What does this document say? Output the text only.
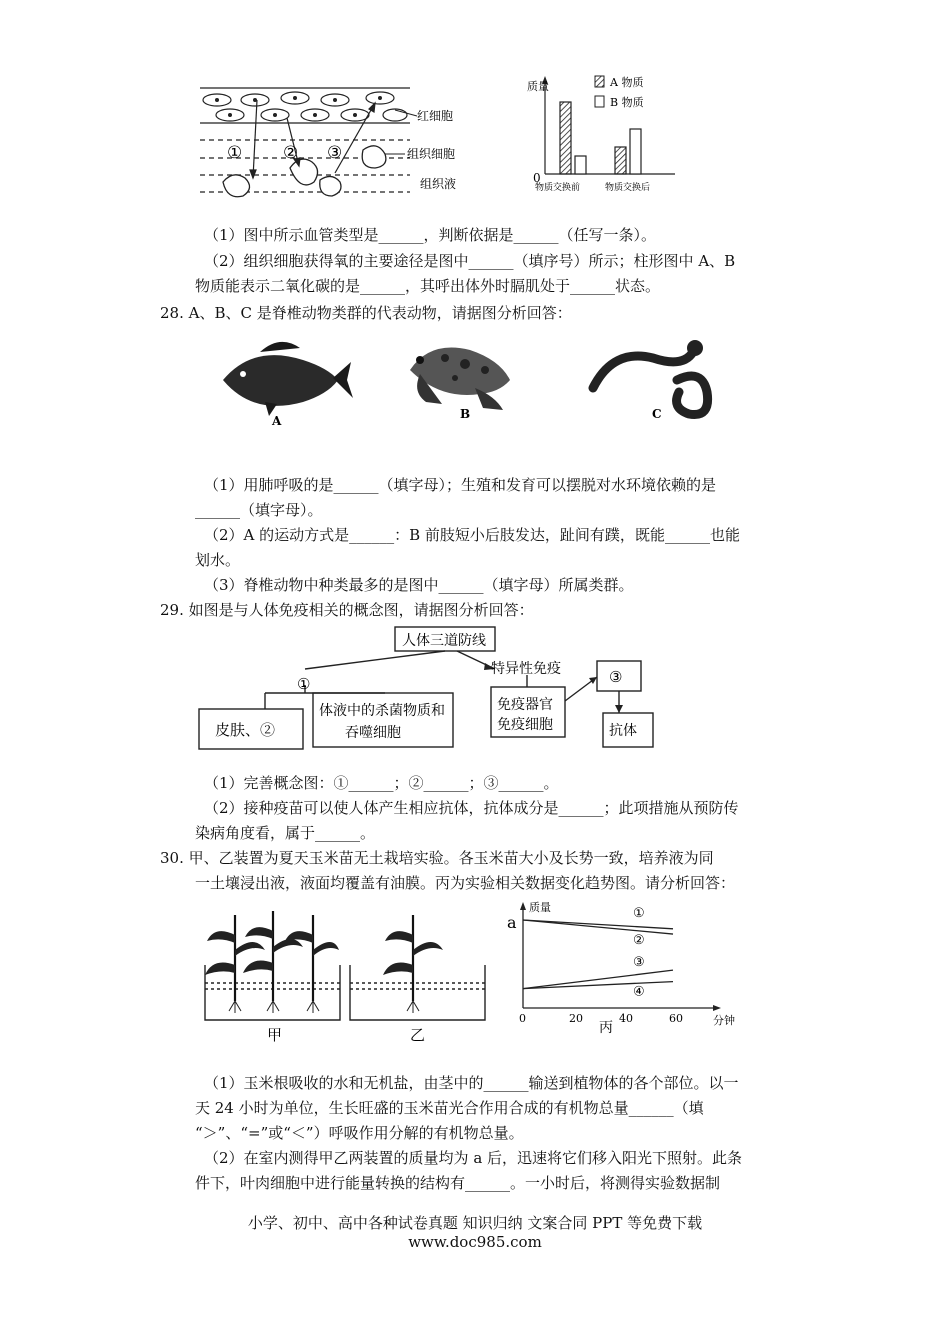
① ② ③
红细胞
组织细胞
组织液
质量
0
A 物质
B 物质
物质交换前	物质交换后
（1）图中所示血管类型是______，判断依据是______（任写一条）。
（2）组织细胞获得氧的主要途径是图中______（填序号）所示；柱形图中 A、B
物质能表示二氧化碳的是______，其呼出体外时膈肌处于______状态。
28. A、B、C 是脊椎动物类群的代表动物，请据图分析回答：
A	B	C
（1）用肺呼吸的是______（填字母）；生殖和发育可以摆脱对水环境依赖的是
______（填字母）。
（2）A 的运动方式是______：B 前肢短小后肢发达，趾间有蹼，既能______也能
划水。
（3）脊椎动物中种类最多的是图中______（填字母）所属类群。
29. 如图是与人体免疫相关的概念图，请据图分析回答：
人体三道防线
特异性免疫
①
皮肤、②
体液中的杀菌物质和
吞噬细胞
免疫器官
免疫细胞
③
抗体
（1）完善概念图：①______；②______；③______。
（2）接种疫苗可以使人体产生相应抗体，抗体成分是______；此项措施从预防传
染病角度看，属于______。
30. 甲、乙装置为夏天玉米苗无土栽培实验。各玉米苗大小及长势一致，培养液为同
一土壤浸出液，液面均覆盖有油膜。丙为实验相关数据变化趋势图。请分析回答：
甲	乙
质量
a
分钟
丙
①
②
③
④
0	20	40	60
（1）玉米根吸收的水和无机盐，由茎中的______输送到植物体的各个部位。以一
天 24 小时为单位，生长旺盛的玉米苗光合作用合成的有机物总量______（填
“＞”、“=”或“＜”）呼吸作用分解的有机物总量。
（2）在室内测得甲乙两装置的质量均为 a 后，迅速将它们移入阳光下照射。此条
件下，叶肉细胞中进行能量转换的结构有______。一小时后，将测得实验数据制
小学、初中、高中各种试卷真题 知识归纳 文案合同 PPT 等免费下载
www.doc985.com
